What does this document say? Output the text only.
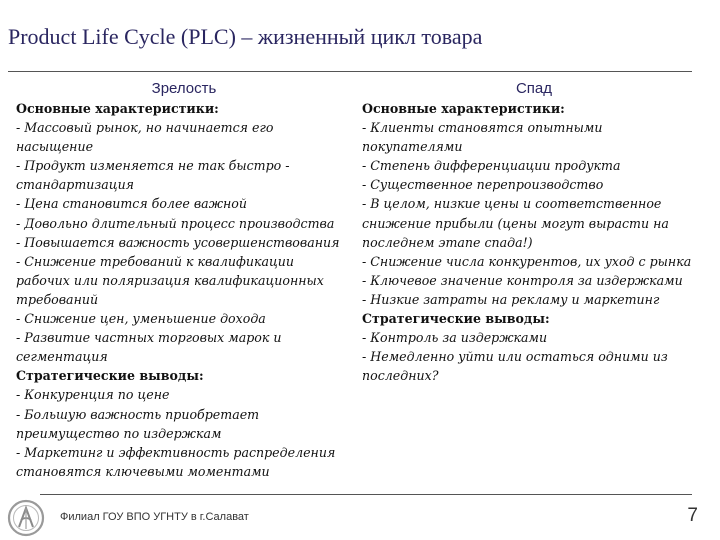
Product Life Cycle (PLC) – жизненный цикл товара
Зрелость
Основные характеристики:
- Массовый рынок, но начинается его
насыщение
- Продукт изменяется не так быстро -
стандартизация
- Цена становится более важной
- Довольно длительный процесс производства
- Повышается важность усовершенствования
- Снижение требований к квалификации
рабочих или поляризация квалификационных
требований
- Снижение цен, уменьшение дохода
- Развитие частных торговых марок и
сегментация
Стратегические выводы:
- Конкуренция по цене
- Большую важность приобретает
преимущество по издержкам
- Маркетинг и эффективность распределения
становятся ключевыми моментами
Спад
Основные характеристики:
- Клиенты становятся опытными
покупателями
- Степень дифференциации продукта
- Существенное перепроизводство
- В целом, низкие цены и соответственное
снижение прибыли (цены могут вырасти на
последнем этапе спада!)
- Снижение числа конкурентов, их уход с рынка
- Ключевое значение контроля за издержками
- Низкие затраты на рекламу и маркетинг
Стратегические выводы:
- Контроль за издержками
- Немедленно уйти или остаться одними из
последних?
Филиал ГОУ ВПО УГНТУ в г.Салават	7
